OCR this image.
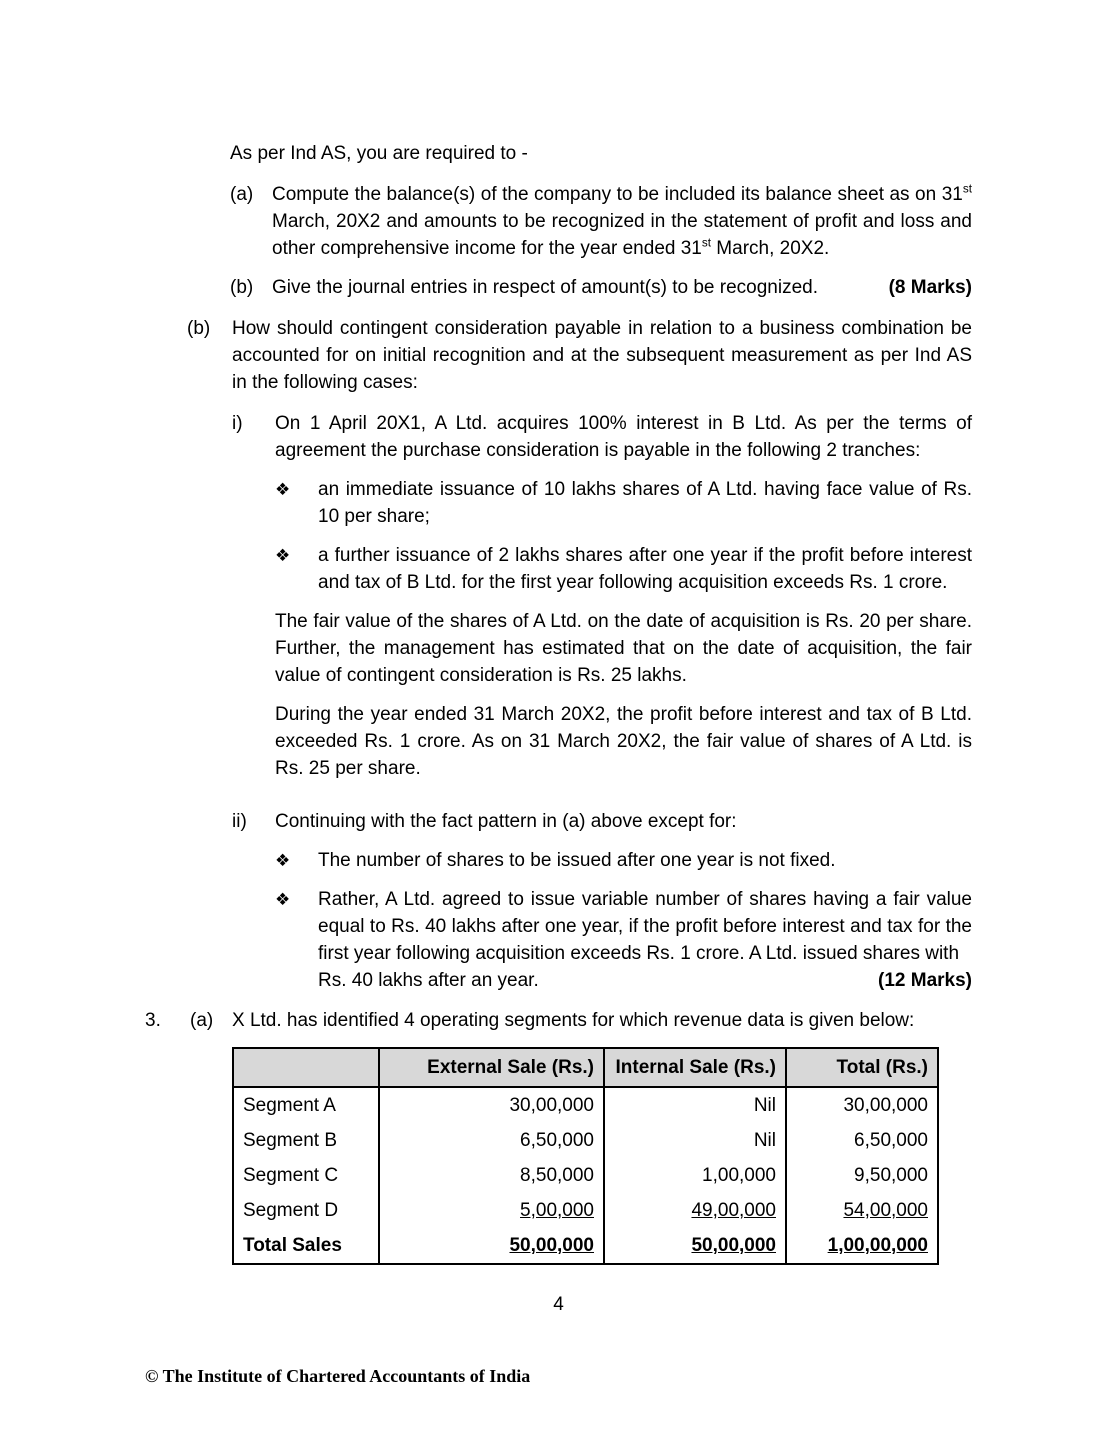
As per Ind AS, you are required to -

(a) Compute the balance(s) of the company to be included its balance sheet as on 31st March, 20X2 and amounts to be recognized in the statement of profit and loss and other comprehensive income for the year ended 31st March, 20X2.

(b) Give the journal entries in respect of amount(s) to be recognized.	(8 Marks)
(b)	How should contingent consideration payable in relation to a business combination be accounted for on initial recognition and at the subsequent measurement as per Ind AS in the following cases:

i)	On 1 April 20X1, A Ltd. acquires 100% interest in B Ltd. As per the terms of agreement the purchase consideration is payable in the following 2 tranches:

❖	an immediate issuance of 10 lakhs shares of A Ltd. having face value of Rs. 10 per share;

❖	a further issuance of 2 lakhs shares after one year if the profit before interest and tax of B Ltd. for the first year following acquisition exceeds Rs. 1 crore.

The fair value of the shares of A Ltd. on the date of acquisition is Rs. 20 per share. Further, the management has estimated that on the date of acquisition, the fair value of contingent consideration is Rs. 25 lakhs.

During the year ended 31 March 20X2, the profit before interest and tax of B Ltd. exceeded Rs. 1 crore. As on 31 March 20X2, the fair value of shares of A Ltd. is Rs. 25 per share.

ii)	Continuing with the fact pattern in (a) above except for:

❖	The number of shares to be issued after one year is not fixed.

❖	Rather, A Ltd. agreed to issue variable number of shares having a fair value equal to Rs. 40 lakhs after one year, if the profit before interest and tax for the first year following acquisition exceeds Rs. 1 crore. A Ltd. issued shares with

Rs. 40 lakhs after an year.	(12 Marks)
3.	(a) X Ltd. has identified 4 operating segments for which revenue data is given below:

	External Sale (Rs.)	Internal Sale (Rs.)	Total (Rs.)
Segment A	30,00,000	Nil	30,00,000
Segment B	6,50,000	Nil	6,50,000
Segment C	8,50,000	1,00,000	9,50,000
Segment D	5,00,000	49,00,000	54,00,000
Total Sales	50,00,000	50,00,000	1,00,00,000
4
© The Institute of Chartered Accountants of India
